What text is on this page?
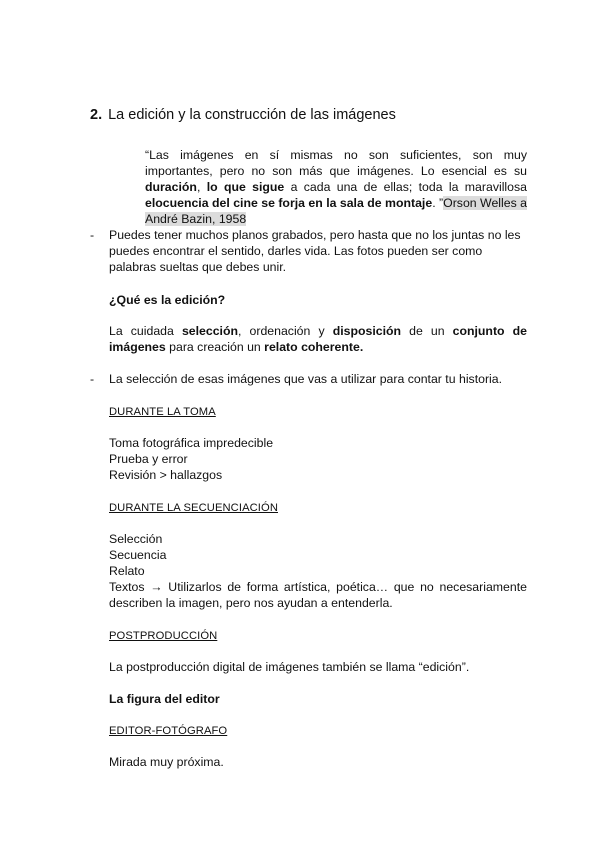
2. La edición y la construcción de las imágenes
“Las imágenes en sí mismas no son suficientes, son muy importantes, pero no son más que imágenes. Lo esencial es su duración, lo que sigue a cada una de ellas; toda la maravillosa elocuencia del cine se forja en la sala de montaje. ”Orson Welles a André Bazin, 1958
- Puedes tener muchos planos grabados, pero hasta que no los juntas no les puedes encontrar el sentido, darles vida. Las fotos pueden ser como palabras sueltas que debes unir.
¿Qué es la edición?
La cuidada selección, ordenación y disposición de un conjunto de imágenes para creación un relato coherente.
- La selección de esas imágenes que vas a utilizar para contar tu historia.
DURANTE LA TOMA
Toma fotográfica impredecible
Prueba y error
Revisión > hallazgos
DURANTE LA SECUENCIACIÓN
Selección
Secuencia
Relato
Textos → Utilizarlos de forma artística, poética… que no necesariamente describen la imagen, pero nos ayudan a entenderla.
POSTPRODUCCIÓN
La postproducción digital de imágenes también se llama “edición”.
La figura del editor
EDITOR-FOTÓGRAFO
Mirada muy próxima.
